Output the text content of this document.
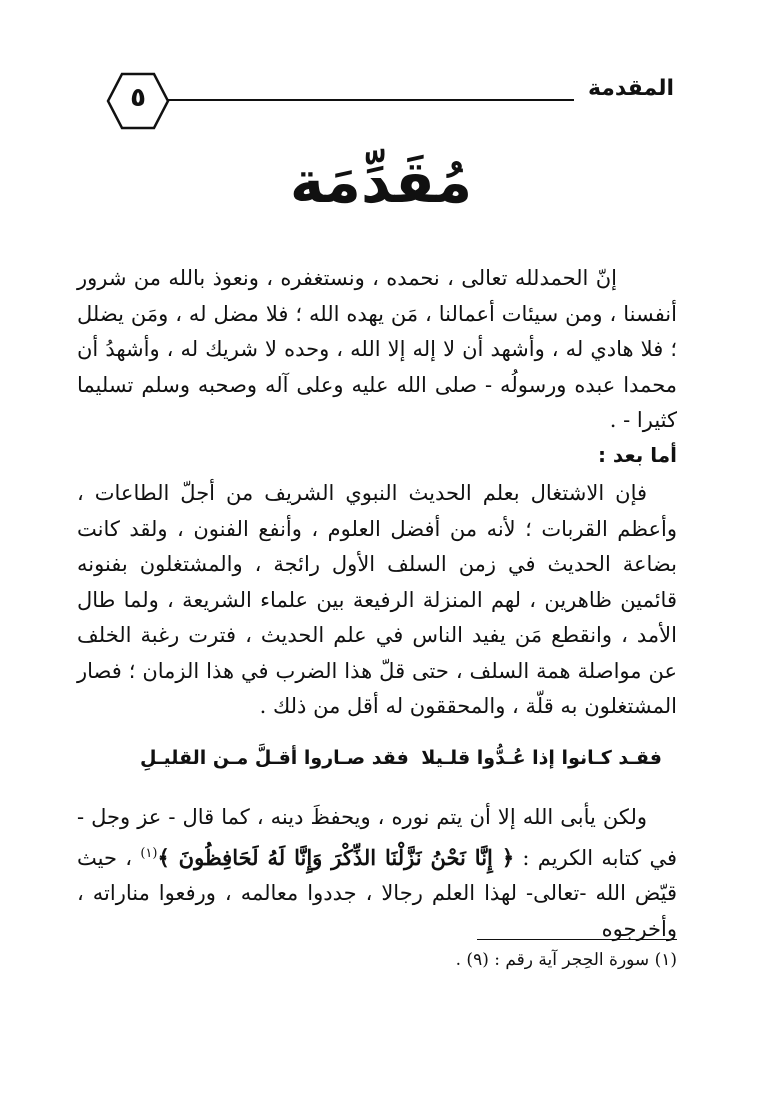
المقدمة
٥
مُقَدِّمَة
إنّ الحمدلله تعالى ، نحمده ، ونستغفره ، ونعوذ بالله من شرور أنفسنا ، ومن سيئات أعمالنا ، مَن يهده الله ؛ فلا مضل له ، ومَن يضلل ؛ فلا هادي له ، وأشهد أن لا إله إلا الله ، وحده لا شريك له ، وأشهدُ أن محمدا عبده ورسولُه - صلى الله عليه وعلى آله وصحبه وسلم تسليما كثيرا - .
أما بعد :
فإن الاشتغال بعلم الحديث النبوي الشريف من أجلّ الطاعات ، وأعظم القربات ؛ لأنه من أفضل العلوم ، وأنفع الفنون ، ولقد كانت بضاعة الحديث في زمن السلف الأول رائجة ، والمشتغلون بفنونه قائمين ظاهرين ، لهم المنزلة الرفيعة بين علماء الشريعة ، ولما طال الأمد ، وانقطع مَن يفيد الناس في علم الحديث ، فترت رغبة الخلف عن مواصلة همة السلف ، حتى قلّ هذا الضرب في هذا الزمان ؛ فصار المشتغلون به قلّة ، والمحققون له أقل من ذلك .
فقـد كـانوا إذا عُـدُّوا قلـيلا
فقد صـاروا أقـلَّ مـن القليـلِ
ولكن يأبى الله إلا أن يتم نوره ، ويحفظَ دينه ، كما قال - عز وجل - في كتابه الكريم : ﴿ إِنَّا نَحْنُ نَزَّلْنَا الذِّكْرَ وَإِنَّا لَهُ لَحَافِظُونَ ﴾$^{(١)}$ ، حيث قيّض الله -تعالى- لهذا العلم رجالا ، جددوا معالمه ، ورفعوا مناراته ، وأخرجوه
(١) سورة الحِجر آية رقم : (٩) .
